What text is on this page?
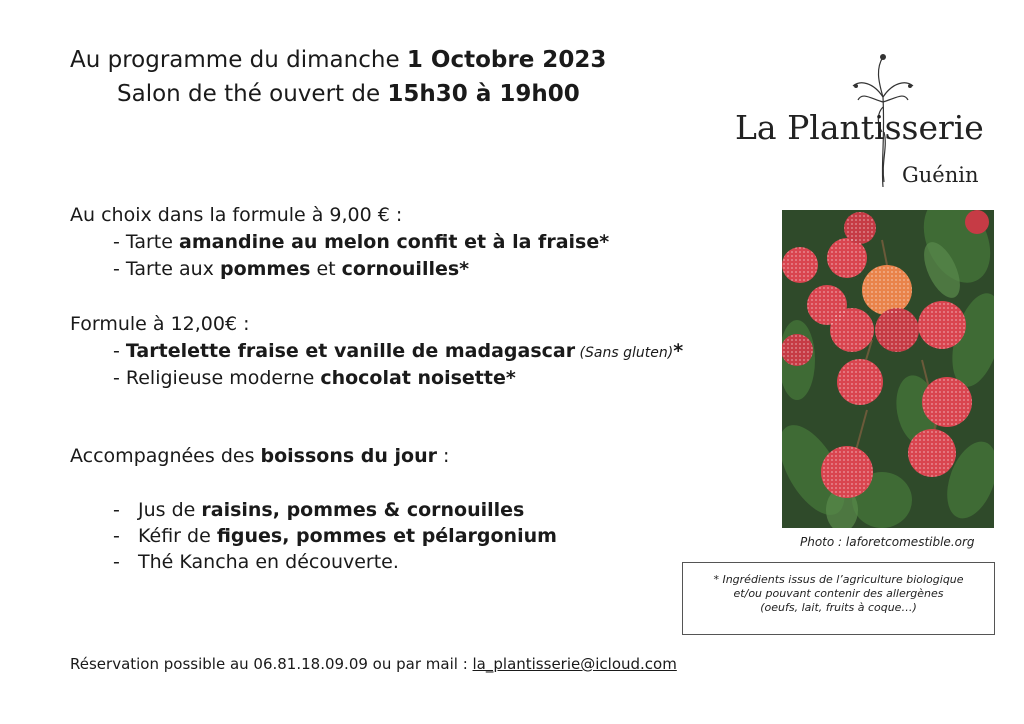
Au programme du dimanche 1 Octobre 2023
Salon de thé ouvert de 15h30 à 19h00
La Plantisserie
Guénin
Au choix dans la formule à 9,00 € :
- Tarte amandine au melon confit et à la fraise*
- Tarte aux pommes et cornouilles*
Formule à 12,00€ :
- Tartelette fraise et vanille de madagascar (Sans gluten)*
- Religieuse moderne chocolat noisette*
Accompagnées des boissons du jour :
- Jus de raisins, pommes & cornouilles
- Kéfir de figues, pommes et pélargonium
- Thé Kancha en découverte.
Photo : laforetcomestible.org
* Ingrédients issus de l’agriculture biologique
et/ou pouvant contenir des allergènes
(oeufs, lait, fruits à coque…)
Réservation possible au 06.81.18.09.09 ou par mail : la_plantisserie@icloud.com
